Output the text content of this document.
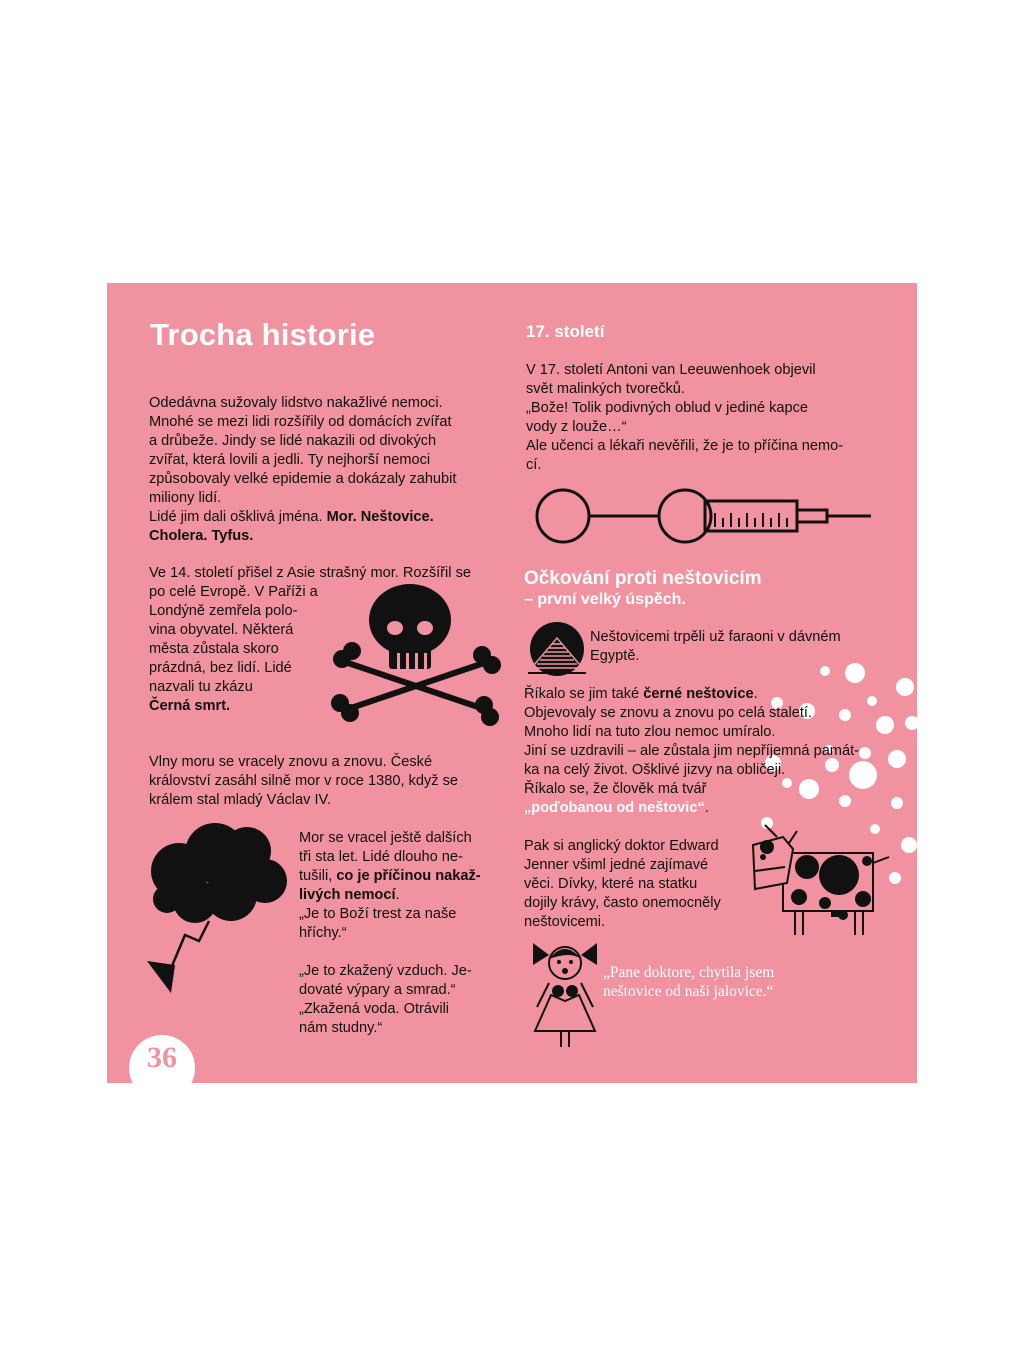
Trocha historie
Odedávna sužovaly lidstvo nakažlivé nemoci.
Mnohé se mezi lidi rozšířily od domácích zvířat
a drůbeže. Jindy se lidé nakazili od divokých
zvířat, která lovili a jedli. Ty nejhorší nemoci
způsobovaly velké epidemie a dokázaly zahubit
miliony lidí.
Lidé jim dali ošklivá jména. Mor. Neštovice.
Cholera. Tyfus.
Ve 14. století přišel z Asie strašný mor. Rozšířil se
po celé Evropě. V Paříži a
Londýně zemřela polo-
vina obyvatel. Některá
města zůstala skoro
prázdná, bez lidí. Lidé
nazvali tu zkázu
Černá smrt.
Vlny moru se vracely znovu a znovu. České
království zasáhl silně mor v roce 1380, když se
králem stal mladý Václav IV.
Mor se vracel ještě dalších
tři sta let. Lidé dlouho ne-
tušili, co je příčinou nakaž-
livých nemocí.
„Je to Boží trest za naše
hříchy.“
„Je to zkažený vzduch. Je-
dovaté výpary a smrad.“
„Zkažená voda. Otrávili
nám studny.“
36
17. století
V 17. století Antoni van Leeuwenhoek objevil
svět malinkých tvorečků.
„Bože! Tolik podivných oblud v jediné kapce
vody z louže…“
Ale učenci a lékaři nevěřili, že je to příčina nemo-
cí.
Očkování proti neštovicím
– první velký úspěch.
Neštovicemi trpěli už faraoni v dávném
Egyptě.
Říkalo se jim také černé neštovice.
Objevovaly se znovu a znovu po celá staletí.
Mnoho lidí na tuto zlou nemoc umíralo.
Jiní se uzdravili – ale zůstala jim nepříjemná památ-
ka na celý život. Ošklivé jizvy na obličeji.
Říkalo se, že člověk má tvář
„poďobanou od neštovic“.
Pak si anglický doktor Edward
Jenner všiml jedné zajímavé
věci. Dívky, které na statku
dojily krávy, často onemocněly
neštovicemi.
„Pane doktore, chytila jsem
neštovice od naší jalovice.“
